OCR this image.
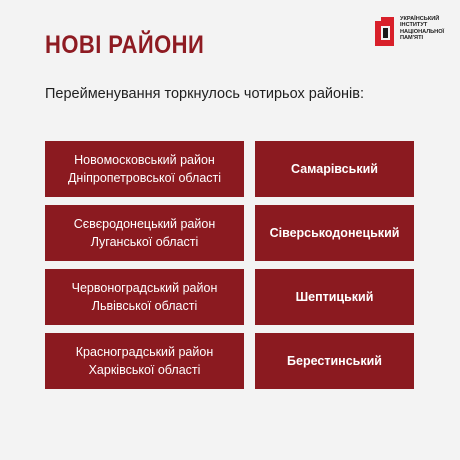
НОВІ РАЙОНИ
УКРАЇНСЬКИЙ
ІНСТИТУТ
НАЦІОНАЛЬНОЇ
ПАМ'ЯТІ
Перейменування торкнулось чотирьох районів:
Новомосковський район
Дніпропетровської області
Самарівський
Сєвєродонецький район
Луганської області
Сіверськодонецький
Червоноградський район
Львівської області
Шептицький
Красноградський район
Харківської області
Берестинський
